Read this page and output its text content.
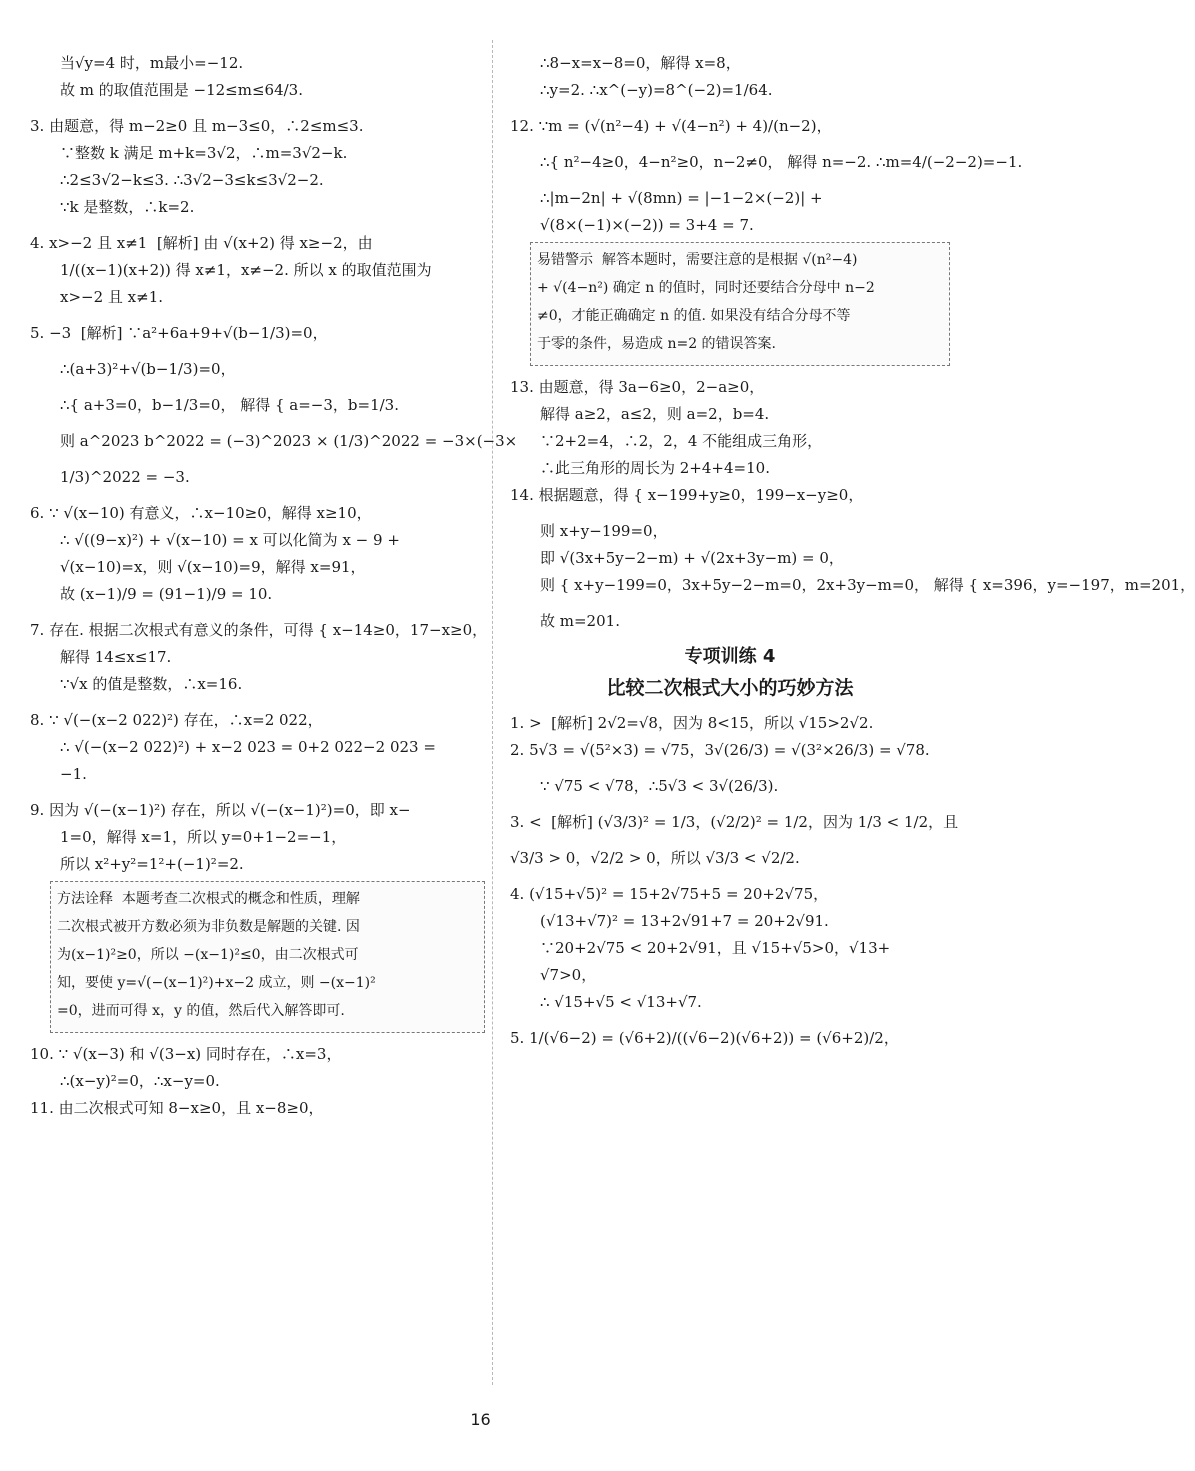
当√y=4 时，m最小=−12.
故 m 的取值范围是 −12≤m≤64/3.
3. 由题意，得 m−2≥0 且 m−3≤0，∴2≤m≤3.
∵整数 k 满足 m+k=3√2，∴m=3√2−k.
∴2≤3√2−k≤3. ∴3√2−3≤k≤3√2−2.
∵k 是整数，∴k=2.
4. x>−2 且 x≠1  [解析] 由 √(x+2) 得 x≥−2，由
1/((x−1)(x+2)) 得 x≠1，x≠−2. 所以 x 的取值范围为
x>−2 且 x≠1.
5. −3  [解析] ∵a²+6a+9+√(b−1/3)=0，
∴(a+3)²+√(b−1/3)=0，
∴{ a+3=0，b−1/3=0， 解得 { a=−3，b=1/3.
则 a^2023 b^2022 = (−3)^2023 × (1/3)^2022 = −3×(−3×
1/3)^2022 = −3.
6. ∵ √(x−10) 有意义，∴x−10≥0，解得 x≥10，
∴ √((9−x)²) + √(x−10) = x 可以化简为 x − 9 +
√(x−10)=x，则 √(x−10)=9，解得 x=91，
故 (x−1)/9 = (91−1)/9 = 10.
7. 存在. 根据二次根式有意义的条件，可得 { x−14≥0，17−x≥0，
解得 14≤x≤17.
∵√x 的值是整数，∴x=16.
8. ∵ √(−(x−2 022)²) 存在，∴x=2 022，
∴ √(−(x−2 022)²) + x−2 023 = 0+2 022−2 023 =
−1.
9. 因为 √(−(x−1)²) 存在，所以 √(−(x−1)²)=0，即 x−
1=0，解得 x=1，所以 y=0+1−2=−1，
所以 x²+y²=1²+(−1)²=2.
方法诠释  本题考查二次根式的概念和性质，理解
二次根式被开方数必须为非负数是解题的关键. 因
为(x−1)²≥0，所以 −(x−1)²≤0，由二次根式可
知，要使 y=√(−(x−1)²)+x−2 成立，则 −(x−1)²
=0，进而可得 x，y 的值，然后代入解答即可.
10. ∵ √(x−3) 和 √(3−x) 同时存在，∴x=3，
∴(x−y)²=0，∴x−y=0.
11. 由二次根式可知 8−x≥0，且 x−8≥0，
∴8−x=x−8=0，解得 x=8，
∴y=2. ∴x^(−y)=8^(−2)=1/64.
12. ∵m = (√(n²−4) + √(4−n²) + 4)/(n−2)，
∴{ n²−4≥0，4−n²≥0，n−2≠0， 解得 n=−2. ∴m=4/(−2−2)=−1.
∴|m−2n| + √(8mn) = |−1−2×(−2)| +
√(8×(−1)×(−2)) = 3+4 = 7.
易错警示  解答本题时，需要注意的是根据 √(n²−4)
+ √(4−n²) 确定 n 的值时，同时还要结合分母中 n−2
≠0，才能正确确定 n 的值. 如果没有结合分母不等
于零的条件，易造成 n=2 的错误答案.
13. 由题意，得 3a−6≥0，2−a≥0，
解得 a≥2，a≤2，则 a=2，b=4.
∵2+2=4，∴2，2，4 不能组成三角形，
∴此三角形的周长为 2+4+4=10.
14. 根据题意，得 { x−199+y≥0，199−x−y≥0，
则 x+y−199=0，
即 √(3x+5y−2−m) + √(2x+3y−m) = 0，
则 { x+y−199=0，3x+5y−2−m=0，2x+3y−m=0， 解得 { x=396，y=−197，m=201，
故 m=201.
专项训练 4
比较二次根式大小的巧妙方法
1. >  [解析] 2√2=√8，因为 8<15，所以 √15>2√2.
2. 5√3 = √(5²×3) = √75，3√(26/3) = √(3²×26/3) = √78.
∵ √75 < √78，∴5√3 < 3√(26/3).
3. <  [解析] (√3/3)² = 1/3，(√2/2)² = 1/2，因为 1/3 < 1/2，且
√3/3 > 0，√2/2 > 0，所以 √3/3 < √2/2.
4. (√15+√5)² = 15+2√75+5 = 20+2√75，
(√13+√7)² = 13+2√91+7 = 20+2√91.
∵20+2√75 < 20+2√91，且 √15+√5>0，√13+
√7>0，
∴ √15+√5 < √13+√7.
5. 1/(√6−2) = (√6+2)/((√6−2)(√6+2)) = (√6+2)/2，
16
